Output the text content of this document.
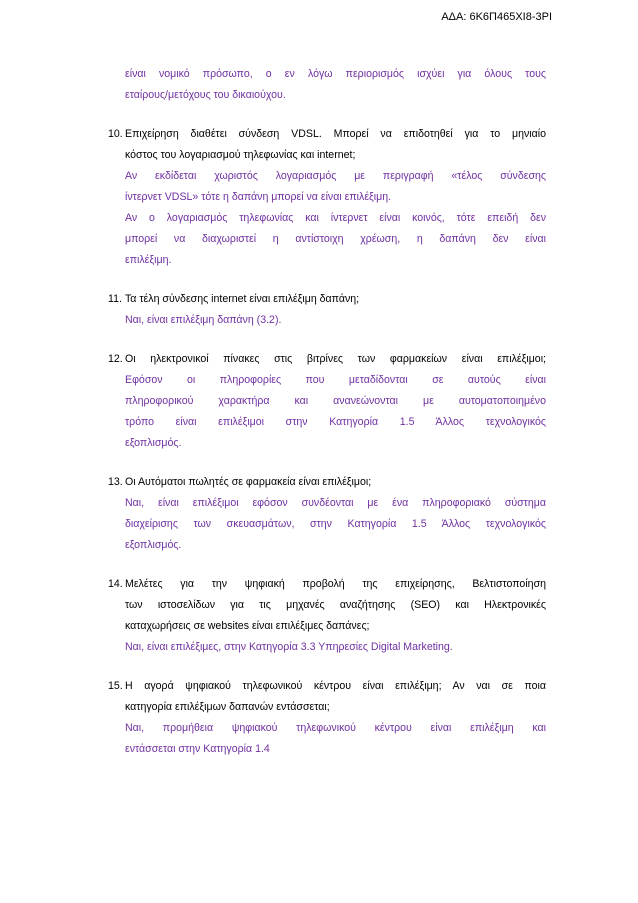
ΑΔΑ: 6Κ6Π465ΧΙ8-3ΡΙ
είναι νομικό πρόσωπο, ο εν λόγω περιορισμός ισχύει για όλους τους
εταίρους/μετόχους του δικαιούχου.
10. Επιχείρηση διαθέτει σύνδεση VDSL. Μπορεί να επιδοτηθεί για το μηνιαίο
κόστος του λογαριασμού τηλεφωνίας και internet;
Αν εκδίδεται χωριστός λογαριασμός με περιγραφή «τέλος σύνδεσης
ίντερνετ VDSL» τότε η δαπάνη μπορεί να είναι επιλέξιμη.
Αν ο λογαριασμός τηλεφωνίας και ίντερνετ είναι κοινός, τότε επειδή δεν
μπορεί να διαχωριστεί η αντίστοιχη χρέωση, η δαπάνη δεν είναι
επιλέξιμη.
11. Τα τέλη σύνδεσης internet είναι επιλέξιμη δαπάνη;
Ναι, είναι επιλέξιμη δαπάνη (3.2).
12. Οι ηλεκτρονικοί πίνακες στις βιτρίνες των φαρμακείων είναι επιλέξιμοι;
Εφόσον οι πληροφορίες που μεταδίδονται σε αυτούς είναι
πληροφορικού χαρακτήρα και ανανεώνονται με αυτοματοποιημένο
τρόπο είναι επιλέξιμοι στην Κατηγορία 1.5 Άλλος τεχνολογικός
εξοπλισμός.
13. Οι Αυτόματοι πωλητές σε φαρμακεία είναι επιλέξιμοι;
Ναι, είναι επιλέξιμοι εφόσον συνδέονται με ένα πληροφοριακό σύστημα
διαχείρισης των σκευασμάτων, στην Κατηγορία 1.5 Άλλος τεχνολογικός
εξοπλισμός.
14. Μελέτες για την ψηφιακή προβολή της επιχείρησης, Βελτιστοποίηση
των ιστοσελίδων για τις μηχανές αναζήτησης (SEO) και Ηλεκτρονικές
καταχωρήσεις σε websites είναι επιλέξιμες δαπάνες;
Ναι, είναι επιλέξιμες, στην Κατηγορία 3.3 Υπηρεσίες Digital Marketing.
15. Η αγορά ψηφιακού τηλεφωνικού κέντρου είναι επιλέξιμη; Αν ναι σε ποια
κατηγορία επιλέξιμων δαπανών εντάσσεται;
Ναι, προμήθεια ψηφιακού τηλεφωνικού κέντρου είναι επιλέξιμη και
εντάσσεται στην Κατηγορία 1.4
